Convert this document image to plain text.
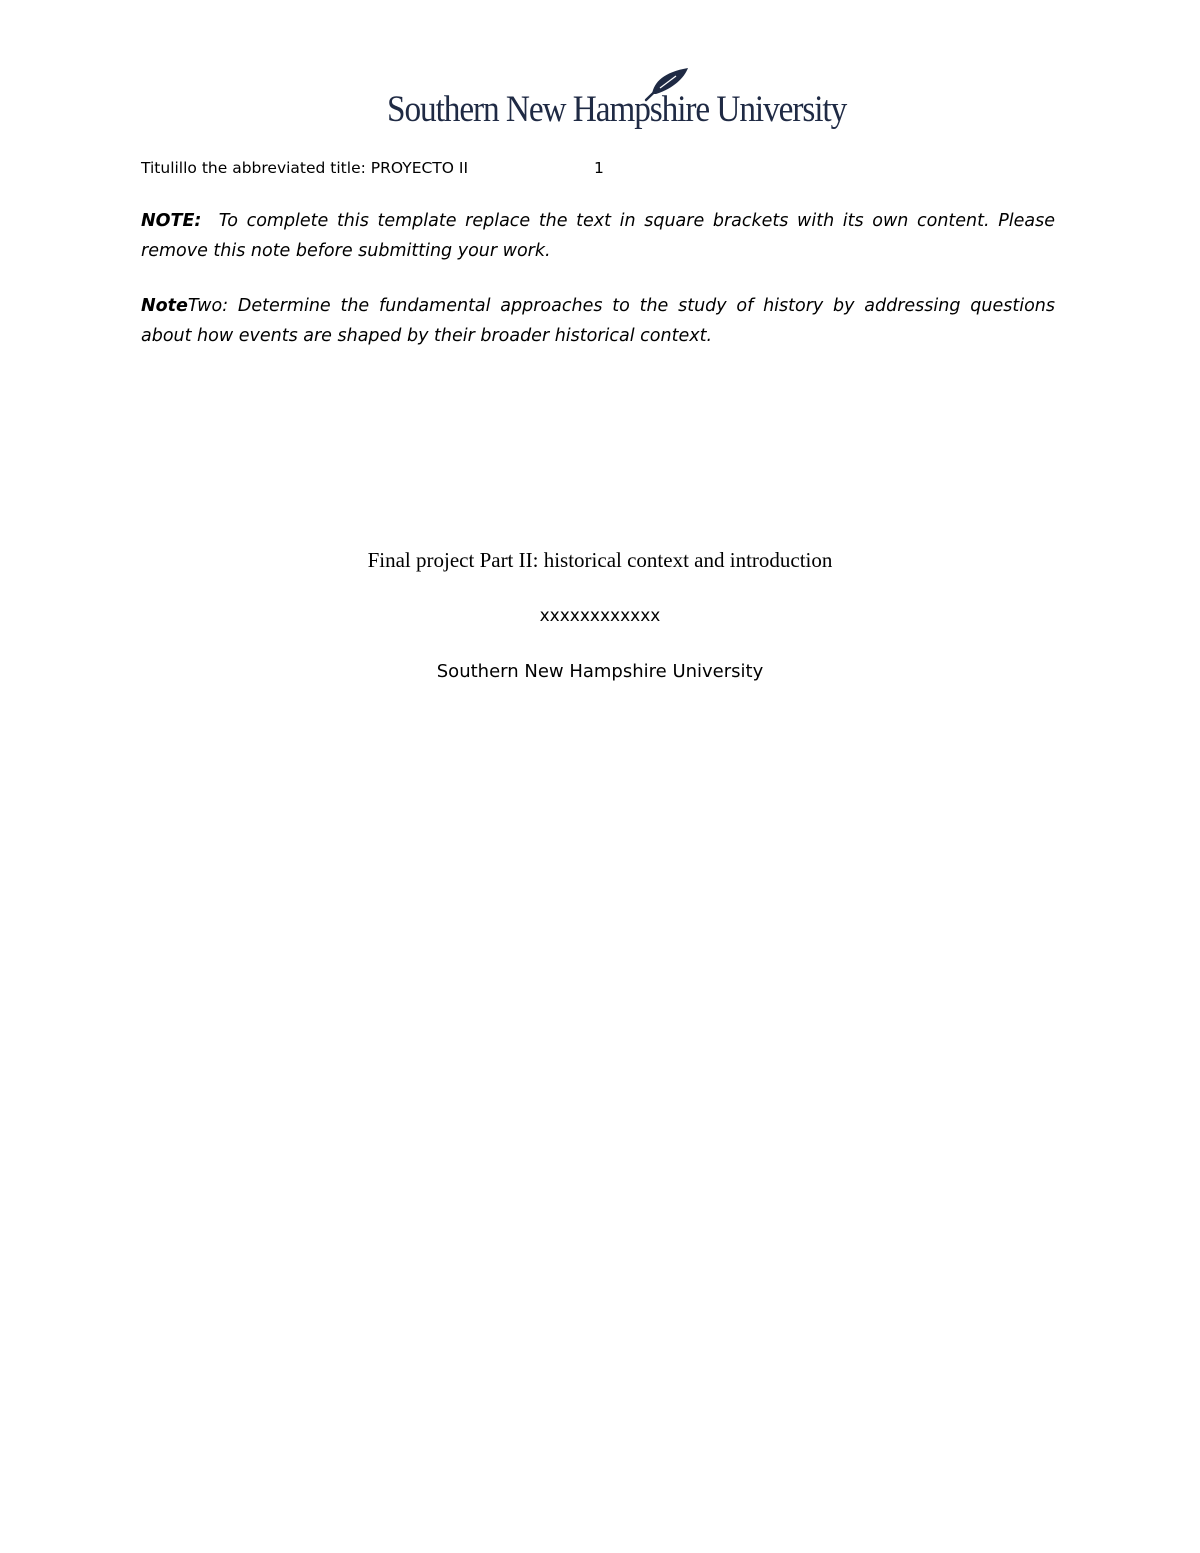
Southern New Hampshire University
Titulillo the abbreviated title: PROYECTO II	1
NOTE: To complete this template replace the text in square brackets with its own content. Please remove this note before submitting your work.
NoteTwo: Determine the fundamental approaches to the study of history by addressing questions about how events are shaped by their broader historical context.
Final project Part II: historical context and introduction
xxxxxxxxxxxx
Southern New Hampshire University
